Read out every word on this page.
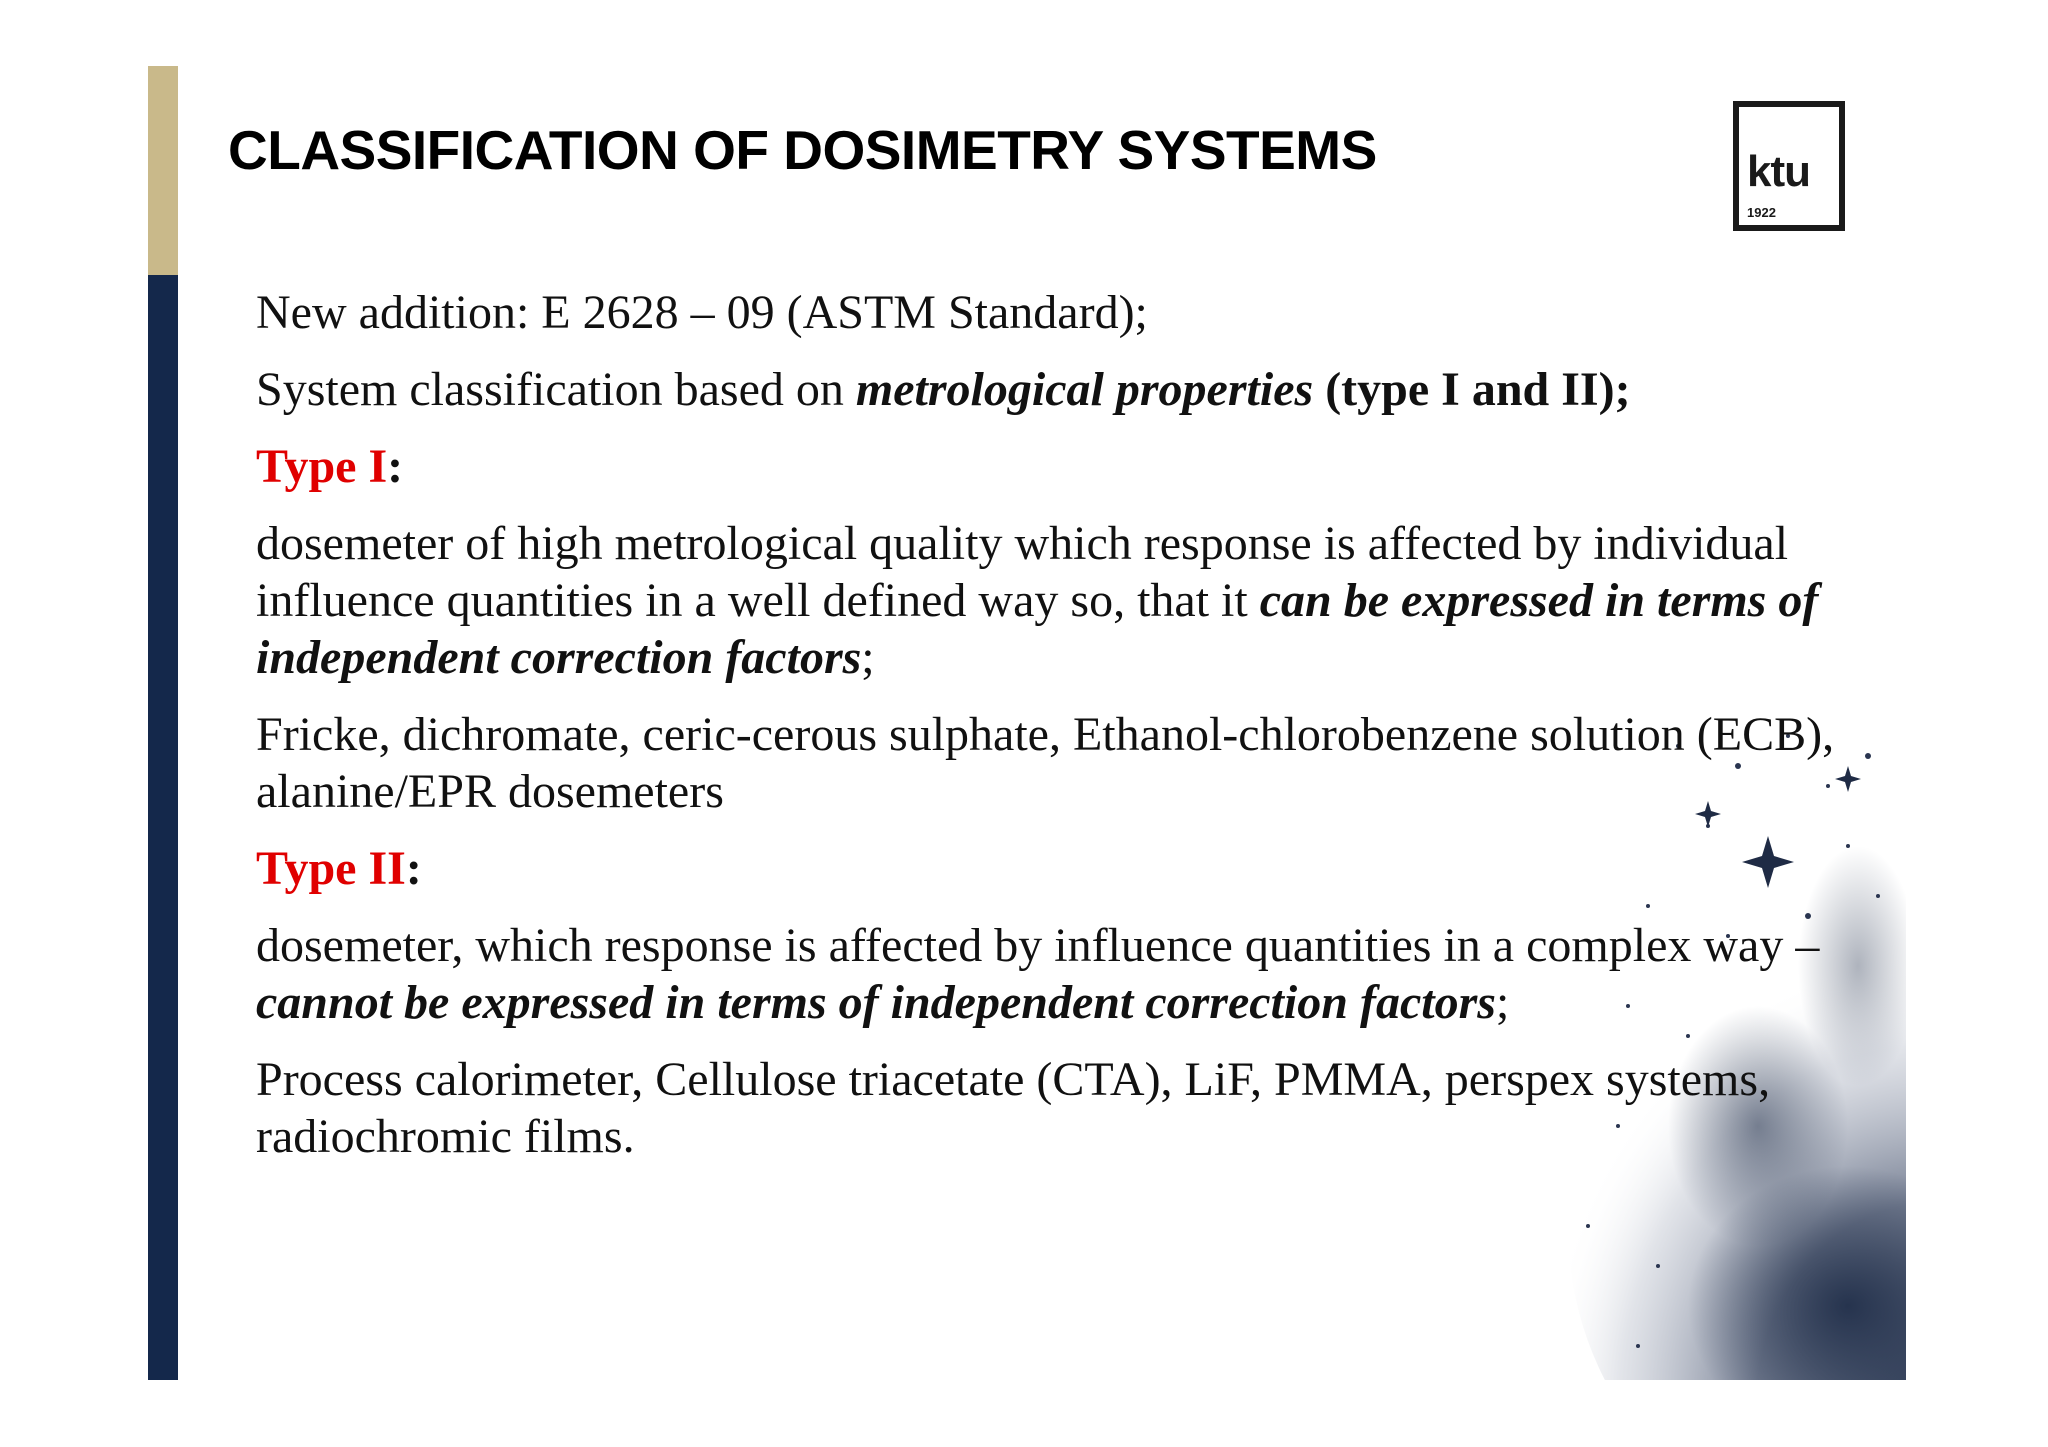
CLASSIFICATION OF DOSIMETRY SYSTEMS	ktu
1922

New addition: E 2628 – 09 (ASTM Standard);

System classification based on metrological properties (type I and II);

Type I:

dosemeter of high metrological quality which response is affected by individual influence quantities in a well defined way so, that it can be expressed in terms of independent correction factors;

Fricke, dichromate, ceric-cerous sulphate, Ethanol-chlorobenzene solution (ECB), alanine/EPR dosemeters

Type II:

dosemeter, which response is affected by influence quantities in a complex way – cannot be expressed in terms of independent correction factors;

Process calorimeter, Cellulose triacetate (CTA), LiF, PMMA, perspex systems, radiochromic films.
